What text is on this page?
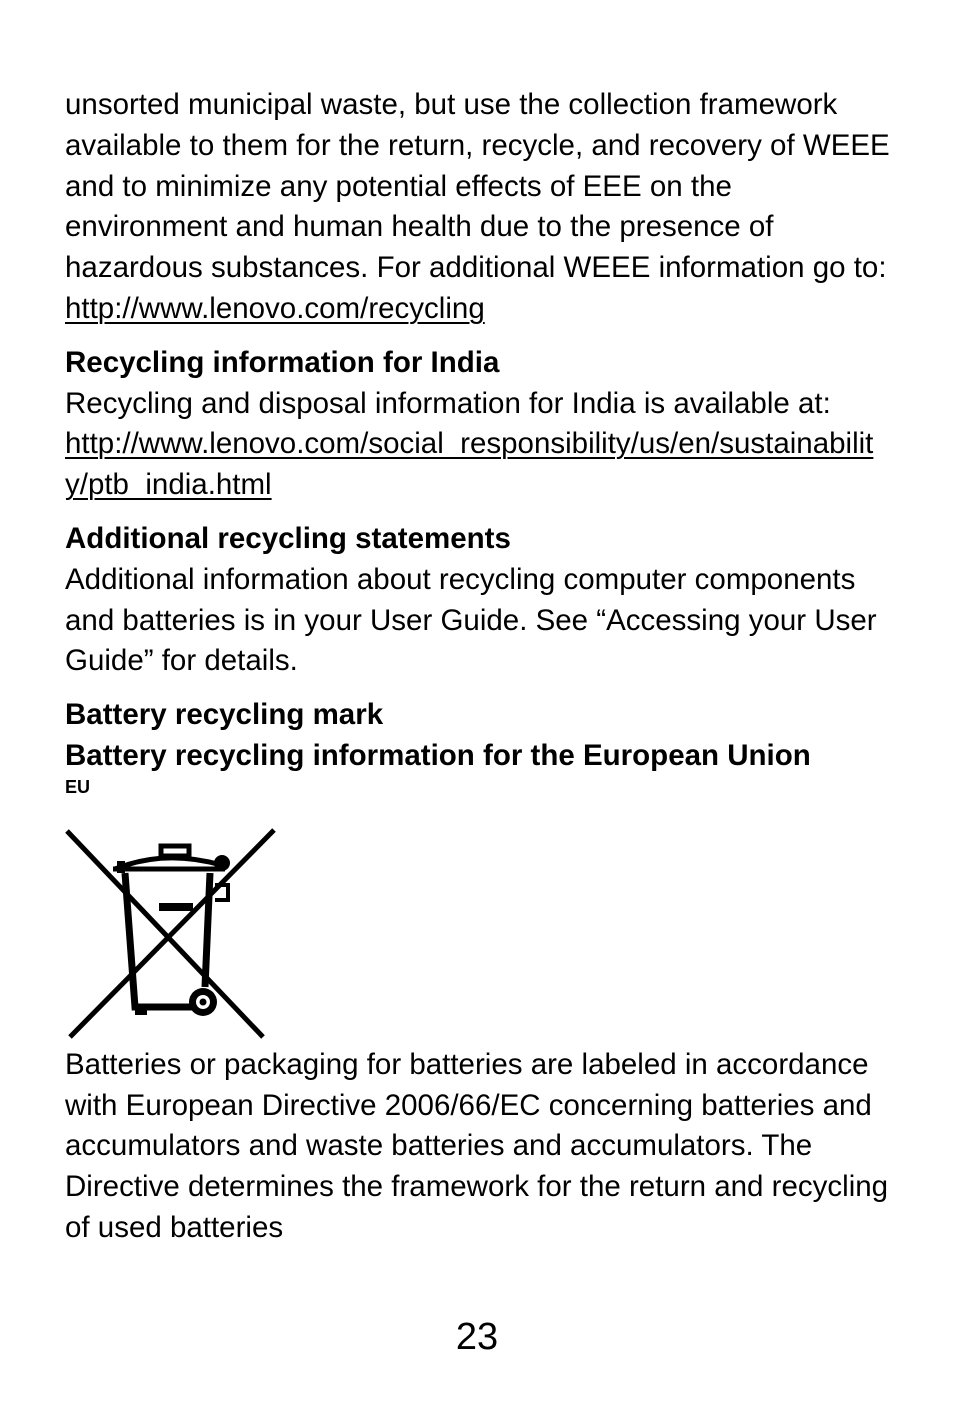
unsorted municipal waste, but use the collection framework available to them for the return, recycle, and recovery of WEEE and to minimize any potential effects of EEE on the environment and human health due to the presence of hazardous substances. For additional WEEE information go to: http://www.lenovo.com/recycling

Recycling information for India

Recycling and disposal information for India is available at:

http://www.lenovo.com/social_responsibility/us/en/sustainability/ptb_india.html

Additional recycling statements

Additional information about recycling computer components and batteries is in your User Guide. See “Accessing your User Guide” for details.

Battery recycling mark

Battery recycling information for the European Union

EU

Batteries or packaging for batteries are labeled in accordance with European Directive 2006/66/EC concerning batteries and accumulators and waste batteries and accumulators. The Directive determines the framework for the return and recycling of used batteries

23
